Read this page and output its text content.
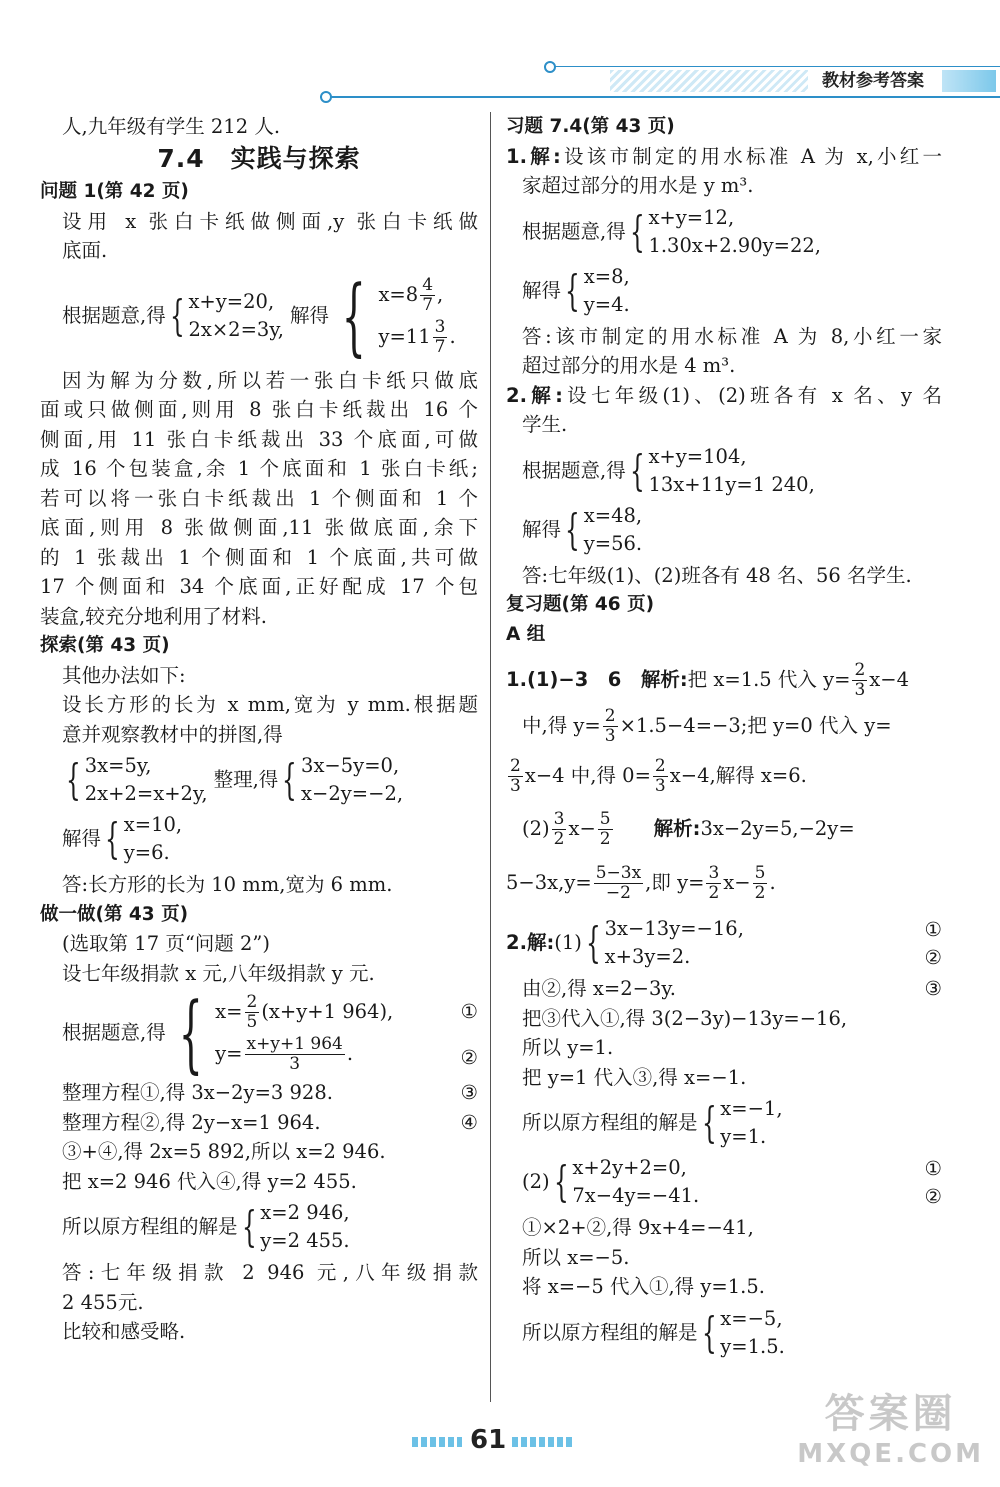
教材参考答案

人,九年级有学生 212 人.

7.4　实践与探索

问题 1(第 42 页)

设用 x 张白卡纸做侧面,y 张白卡纸做

底面.

根据题意,得 { x+y=20,
2x×2=3y,
解得 { $x=8 \frac{4}{7}$ ,
$y=11 \frac{3}{7}$ .

因为解为分数,所以若一张白卡纸只做底

面或只做侧面,则用 8 张白卡纸裁出 16 个

侧面,用 11 张白卡纸裁出 33 个底面,可做

成 16 个包装盒,余 1 个底面和 1 张白卡纸;

若可以将一张白卡纸裁出 1 个侧面和 1 个

底面,则用 8 张做侧面,11 张做底面,余下

的 1 张裁出 1 个侧面和 1 个底面,共可做

17 个侧面和 34 个底面,正好配成 17 个包

装盒,较充分地利用了材料.

探索(第 43 页)

其他办法如下:

设长方形的长为 x mm,宽为 y mm.根据题

意并观察教材中的拼图,得

{ 3x=5y,
2x+2=x+2y,
整理,得 { 3x−5y=0,
x−2y=−2,
解得 { x=10,
y=6.

答:长方形的长为 10 mm,宽为 6 mm.

做一做(第 43 页)

(选取第 17 页“问题 2”)

设七年级捐款 x 元,八年级捐款 y 元.

根据题意,得 { $x= \frac{2}{5} (x+y+1$ 964),
$y= \frac{x+y+1 964}{3}$ .
①
②

整理方程①,得 3x−2y=3 928.	③

整理方程②,得 2y−x=1 964.	④

③+④,得 2x=5 892,所以 x=2 946.

把 x=2 946 代入④,得 y=2 455.

所以原方程组的解是 { x=2 946,
y=2 455.

答:七年级捐款 2 946 元,八年级捐款

2 455元.

比较和感受略.

习题 7.4(第 43 页)

1.解:设该市制定的用水标准 A 为 x,小红一

家超过部分的用水是 y m³.

根据题意,得 { x+y=12,
1.30x+2.90y=22,
解得 { x=8,
y=4.

答:该市制定的用水标准 A 为 8,小红一家

超过部分的用水是 4 m³.

2.解:设七年级(1)、(2)班各有 x 名、y 名

学生.

根据题意,得 { x+y=104,
13x+11y=1 240,
解得 { x=48,
y=56.

答:七年级(1)、(2)班各有 48 名、56 名学生.

复习题(第 46 页)

A 组

1.(1)−3　6　解析:把 x=1.5 代入 $y= \frac{2}{3} x-4$

中,得 $y= \frac{2}{3} \times 1.5-4=-3$;把 y=0 代入 y=

$\frac{2}{3} x-4$ 中,得 $0= \frac{2}{3} x-4$,解得 x=6.

$(2) \frac{3}{2} x- \frac{5}{2}$
　　 解析:3x−2y=5,−2y=

$5-3x,y= \frac{5-3x}{-2}$ ,即 $y= \frac{3}{2} x- \frac{5}{2}$ .

2.解: (1) { 3x−13y=−16,
x+3y=2.
①
②

由②,得 x=2−3y.	③

把③代入①,得 3(2−3y)−13y=−16,

所以 y=1.

把 y=1 代入③,得 x=−1.

所以原方程组的解是 { x=−1,
y=1.
(2) { x+2y+2=0,
7x−4y=−41.
①
②

①×2+②,得 9x+4=−41,

所以 x=−5.

将 x=−5 代入①,得 y=1.5.

所以原方程组的解是 { x=−5,
y=1.5.
61
答案圈
MXQE.COM
